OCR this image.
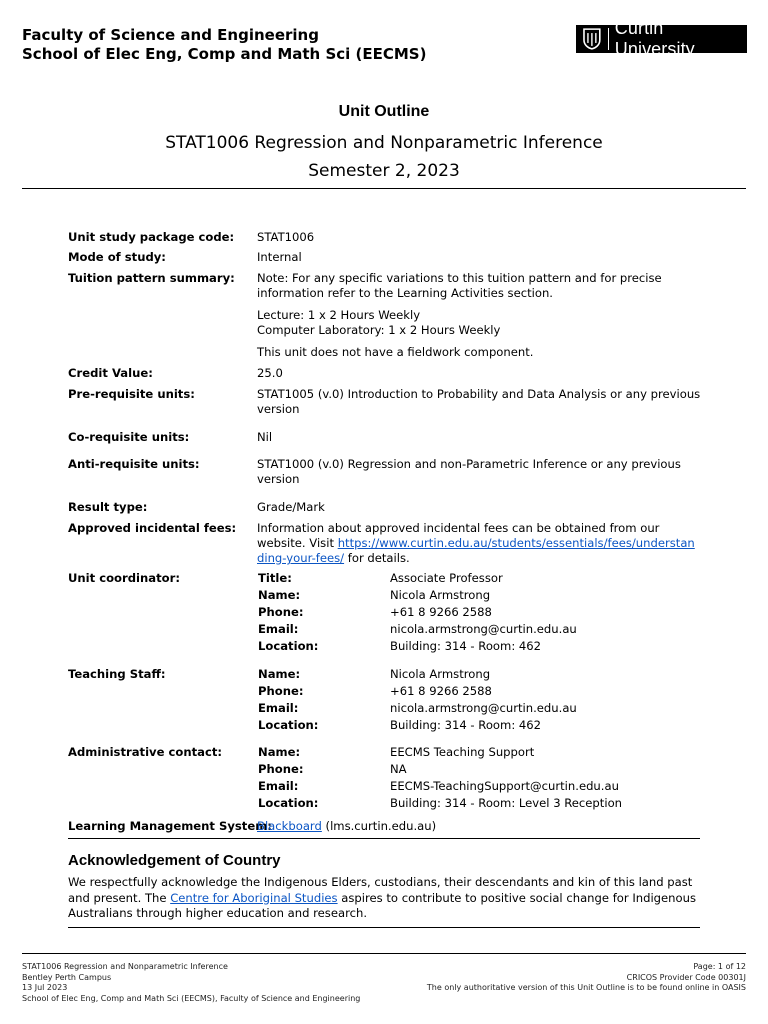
Faculty of Science and Engineering
School of Elec Eng, Comp and Math Sci (EECMS)
Curtin University
Unit Outline
STAT1006 Regression and Nonparametric Inference
Semester 2, 2023
Unit study package code: STAT1006
Mode of study:	Internal
Tuition pattern summary: Note: For any specific variations to this tuition pattern and for precise information refer to the Learning Activities section.

Lecture: 1 x 2 Hours Weekly

Computer Laboratory: 1 x 2 Hours Weekly

This unit does not have a fieldwork component.

Credit Value:	25.0
Pre-requisite units:	STAT1005 (v.0) Introduction to Probability and Data Analysis or any previous version
Co-requisite units:	Nil
Anti-requisite units:	STAT1000 (v.0) Regression and non-Parametric Inference or any previous version
Result type:	Grade/Mark
Approved incidental fees: Information about approved incidental fees can be obtained from our website. Visit https://www.curtin.edu.au/students/essentials/fees/understanding-your-fees/ for details.
Unit coordinator:	Title:	Associate Professor
Name:	Nicola Armstrong
Phone:	+61 8 9266 2588
Email:	nicola.armstrong@curtin.edu.au
Location:	Building: 314 - Room: 462
Teaching Staff:	Name:	Nicola Armstrong
Phone:	+61 8 9266 2588
Email:	nicola.armstrong@curtin.edu.au
Location:	Building: 314 - Room: 462
Administrative contact:	Name:	EECMS Teaching Support
Phone:	NA
Email:	EECMS-TeachingSupport@curtin.edu.au
Location:	Building: 314 - Room: Level 3 Reception
Learning Management System:
Blackboard (lms.curtin.edu.au)
Acknowledgement of Country
We respectfully acknowledge the Indigenous Elders, custodians, their descendants and kin of this land past and present. The Centre for Aboriginal Studies aspires to contribute to positive social change for Indigenous Australians through higher education and research.
STAT1006 Regression and Nonparametric Inference
Bentley Perth Campus
13 Jul 2023
School of Elec Eng, Comp and Math Sci (EECMS), Faculty of Science and Engineering
Page: 1 of 12
CRICOS Provider Code 00301J
The only authoritative version of this Unit Outline is to be found online in OASIS
